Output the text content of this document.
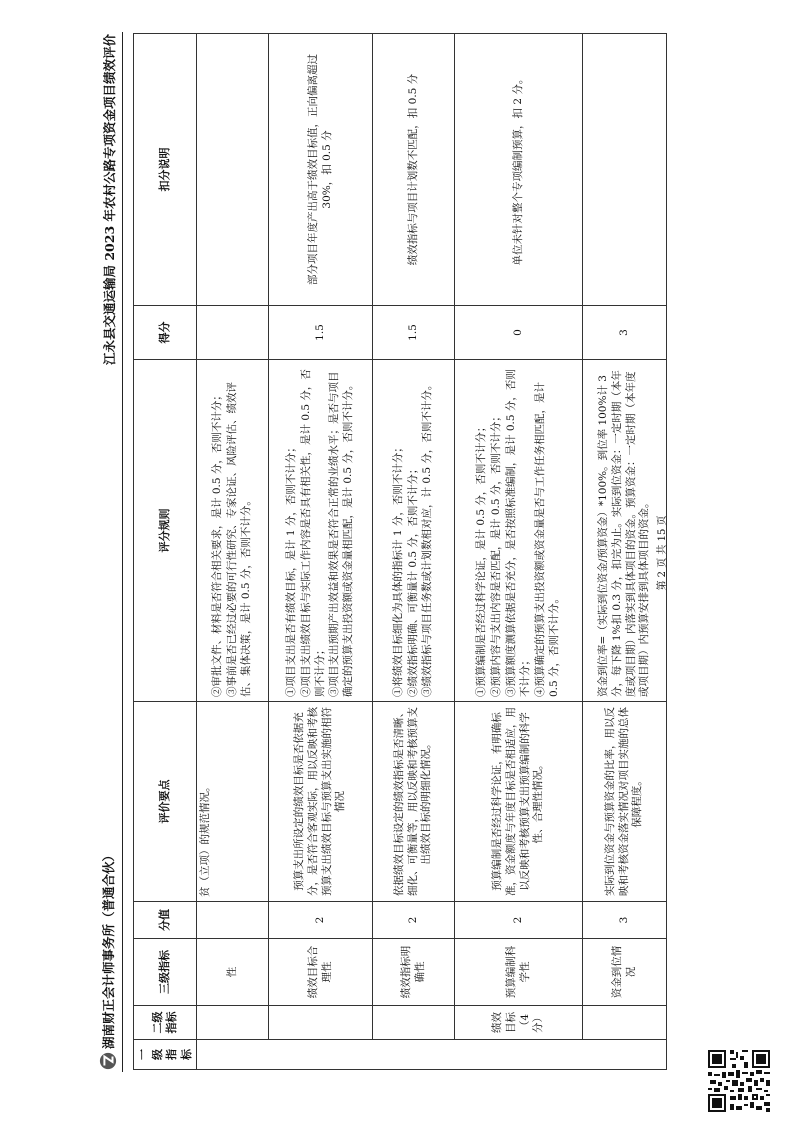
湖南财正会计师事务所（普通合伙）
江永县交通运输局 2023 年农村公路专项资金项目绩效评价
一级指标	二级指标	三级指标	分值	评价要点	评分规则	得分	扣分说明
		性		贫（立项）的规范情况。	②审批文件、材料是否符合相关要求，是计 0.5 分，否则不计分； ③事前是否已经过必要的可行性研究、专家论证、风险评估、绩效评估、集体决策，是计 0.5 分，否则不计分。		

		绩效目标合理性	2	预算支出所设定的绩效目标是否依据充分，是否符合客观实际，用以反映和考核预算支出绩效目标与预算支出实施的相符情况	①项目支出是否有绩效目标，是计 1 分，否则不计分； ②项目支出绩效目标与实际工作内容是否具有相关性，是计 0.5 分，否则不计分； ③项目支出预期产出效益和效果是否符合正常的业绩水平；是否与项目确定的预算支出投资额或资金量相匹配，是计 0.5 分，否则不计分。	1.5	部分项目年度产出高于绩效目标值，正向偏离超过 30%，扣 0.5 分
		绩效指标明确性	2	依据绩效目标设定的绩效指标是否清晰、细化、可衡量等，用以反映和考核预算支出绩效目标的明细化情况。	①将绩效目标细化为具体的指标计 1 分，否则不计分； ②绩效指标明确、可衡量计 0.5 分，否则不计分； ③绩效指标与项目任务数或计划数相对应，计 0.5 分，否则不计分。	1.5	绩效指标与项目计划数不匹配，扣 0.5 分
	绩效目标（4分）	预算编制科学性	2	预算编制是否经过科学论证，有明确标准，资金额度与年度目标是否相适应，用以反映和考核预算支出预算编制的科学性、合理性情况。	①预算编制是否经过科学论证，是计 0.5 分，否则不计分； ②预算内容与支出内容是否匹配，是计 0.5 分，否则不计分； ③预算额度测算依据是否充分，是否按照标准编制，是计 0.5 分，否则不计分； ④预算确定的预算支出投资额或资金量是否与工作任务相匹配，是计 0.5 分，否则不计分。	0	单位未针对整个专项编制预算，扣 2 分。
		资金到位情况	3	实际到位资金与预算资金的比率，用以反映和考核资金落实情况对项目实施的总体保障程度。	资金到位率=（实际到位资金/预算资金）*100%。到位率 100%计 3 分，每下降 1%扣 0.3 分，扣完为止。实际到位资金：一定时期（本年度或项目期）内落实到具体项目的资金。预算资金：一定时期（本年度或项目期）内预算安排到具体项目的资金。	3	
第 2 页 共 15 页
